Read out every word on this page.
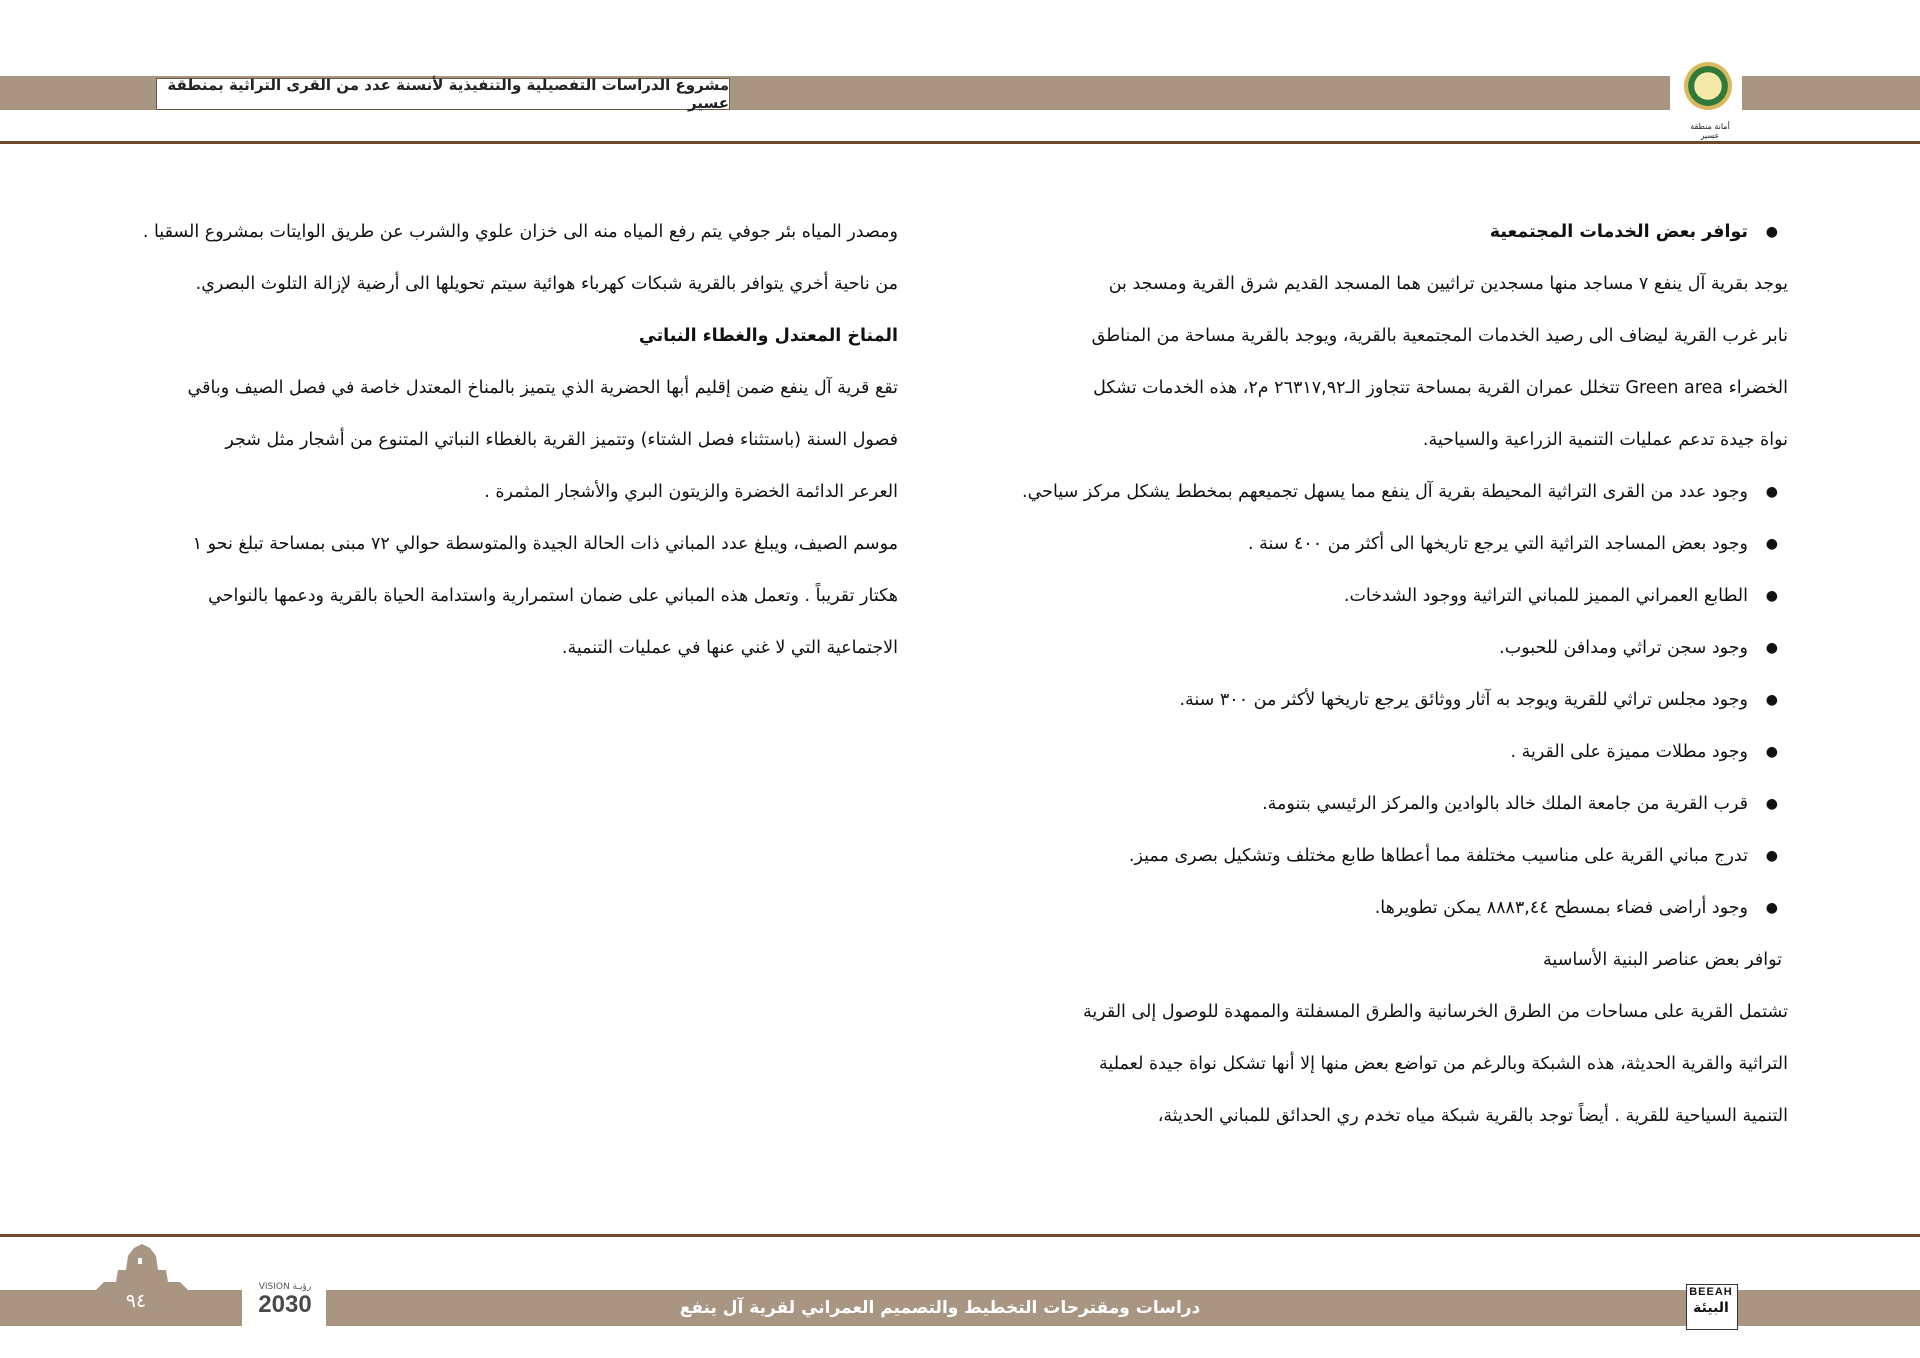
مشروع الدراسات التفصيلية والتنفيذية لأنسنة عدد من القرى التراثية بمنطقة عسير
أمانة منطقة عسير

●
توافر بعض الخدمات المجتمعية

يوجد بقرية آل ينفع ٧ مساجد منها مسجدين تراثيين هما المسجد القديم شرق القرية ومسجد بن

نابر غرب القرية ليضاف الى رصيد الخدمات المجتمعية بالقرية، ويوجد بالقرية مساحة من المناطق

الخضراء Green area تتخلل عمران القرية بمساحة تتجاوز الـ٢٦٣١٧,٩٢ م٢، هذه الخدمات تشكل

نواة جيدة تدعم عمليات التنمية الزراعية والسياحية.

●
وجود عدد من القرى التراثية المحيطة بقرية آل ينفع مما يسهل تجميعهم بمخطط يشكل مركز سياحي.

●
وجود بعض المساجد التراثية التي يرجع تاريخها الى أكثر من ٤٠٠ سنة .

●
الطابع العمراني المميز للمباني التراثية ووجود الشدخات.

●
وجود سجن تراثي ومدافن للحبوب.

●
وجود مجلس تراثي للقرية ويوجد به آثار ووثائق يرجع تاريخها لأكثر من ٣٠٠ سنة.

●
وجود مطلات مميزة على القرية .

●
قرب القرية من جامعة الملك خالد بالوادين والمركز الرئيسي بتنومة.

●
تدرج مباني القرية على مناسيب مختلفة مما أعطاها طابع مختلف وتشكيل بصرى مميز.

●
وجود أراضى فضاء بمسطح ٨٨٨٣,٤٤ يمكن تطويرها.

توافر بعض عناصر البنية الأساسية

تشتمل القرية على مساحات من الطرق الخرسانية والطرق المسفلتة والممهدة للوصول إلى القرية

التراثية والقرية الحديثة، هذه الشبكة وبالرغم من تواضع بعض منها إلا أنها تشكل نواة جيدة لعملية

التنمية السياحية للقرية . أيضاً توجد بالقرية شبكة مياه تخدم ري الحدائق للمباني الحديثة،

ومصدر المياه بئر جوفي يتم رفع المياه منه الى خزان علوي والشرب عن طريق الوايتات بمشروع السقيا .

من ناحية أخري يتوافر بالقرية شبكات كهرباء هوائية سيتم تحويلها الى أرضية لإزالة التلوث البصري.

المناخ المعتدل والغطاء النباتي

تقع قرية آل ينفع ضمن إقليم أبها الحضرية الذي يتميز بالمناخ المعتدل خاصة في فصل الصيف وباقي

فصول السنة (باستثناء فصل الشتاء) وتتميز القرية بالغطاء النباتي المتنوع من أشجار مثل شجر

العرعر الدائمة الخضرة والزيتون البري والأشجار المثمرة .

موسم الصيف، ويبلغ عدد المباني ذات الحالة الجيدة والمتوسطة حوالي ٧٢ مبنى بمساحة تبلغ نحو ١

هكتار تقريباً . وتعمل هذه المباني على ضمان استمرارية واستدامة الحياة بالقرية ودعمها بالنواحي

الاجتماعية التي لا غني عنها في عمليات التنمية.

٩٤
رؤيـة VISION
2030	دراسات ومقترحات التخطيط والتصميم العمراني لقرية آل ينفع
BEEAH
البيئة
